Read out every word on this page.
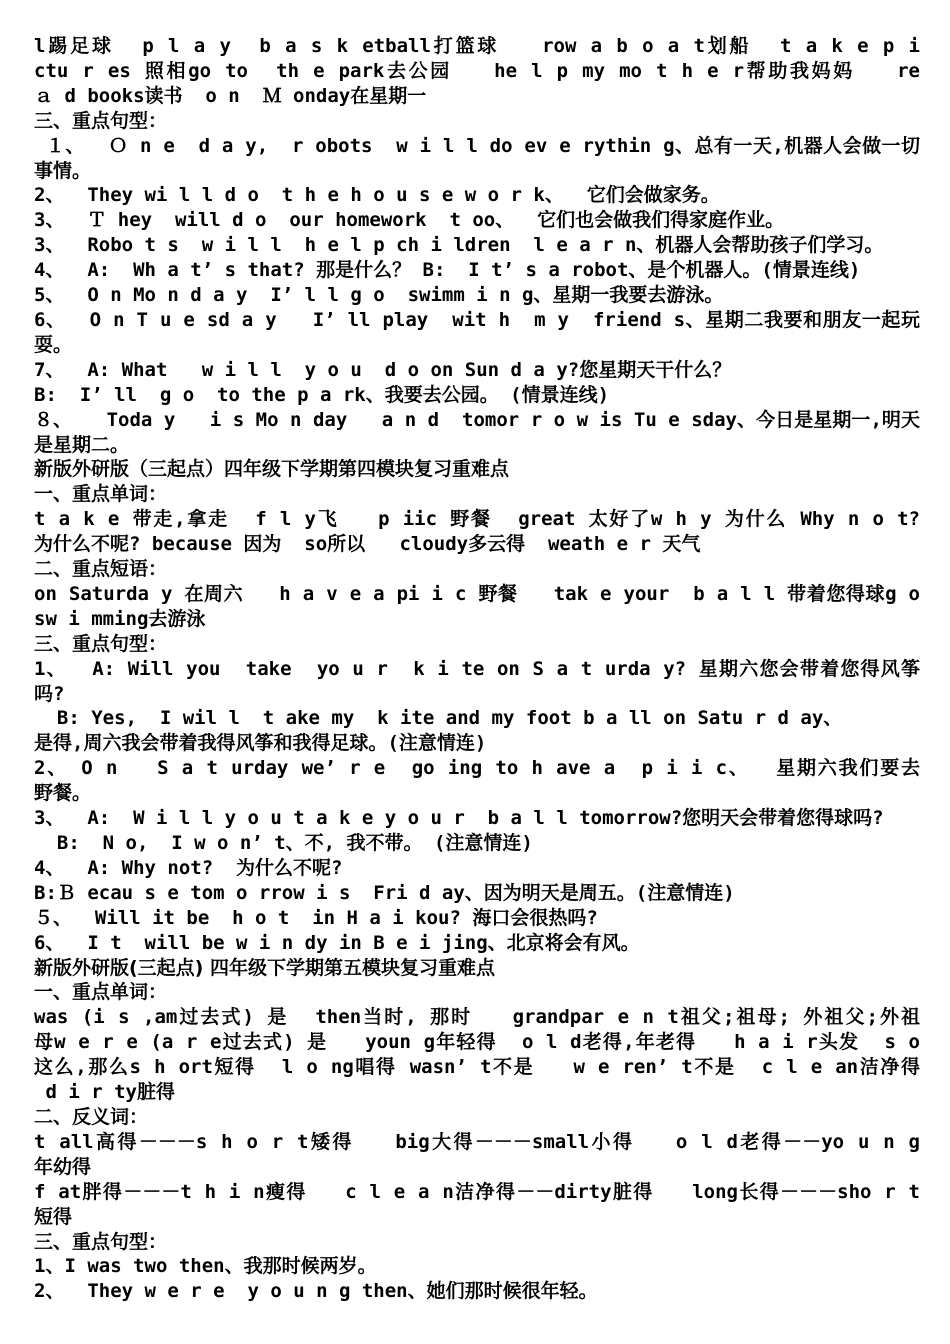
l踢足球  p l a y  b a s k etball打篮球   row a b o a t划船  t a k e p i
ctu r es 照相go to  th e park去公园   he l p my mo t h e r帮助我妈妈   re
ａ d books读书  o n  Ｍ onday在星期一
三、重点句型：
１、  Ｏ n e  d a y,  r obots  w i l l do ev e rythin g、总有一天,机器人会做一切
事情。
2、  They wi l l d o  t h e h o u s e w o r k、  它们会做家务。
3、  Ｔ hey  will d o  our homework  t oo、  它们也会做我们得家庭作业。
3、  Robo t s  w i l l  h e l p ch i ldren  l e a r n、机器人会帮助孩子们学习。
4、  A:  Wh a t’ s that? 那是什么？ B:  I t’ s a robot、是个机器人。(情景连线)
5、  O n Mo n d a y  I’ l l g o  swimm i n g、星期一我要去游泳。
6、  O n T u e sd a y   I’ ll play  wit h  m y  friend s、星期二我要和朋友一起玩
耍。
7、  A: What   w i l l  y o u  d o on Sun d a y?您星期天干什么？
B:  I’ ll  g o  to the p a rk、我要去公园。 (情景连线)
８、   Toda y   i s Mo n day   a n d  tomor r o w is Tu e sday、今日是星期一,明天
是星期二。
新版外研版（三起点）四年级下学期第四模块复习重难点
一、重点单词：
t a k e 带走,拿走  f l y飞   p iic 野餐  great 太好了w h y 为什么 Why n o t?
为什么不呢? because 因为  so所以   cloudy多云得  weath e r 天气
二、重点短语：
on Saturda y 在周六   h a v e a pi i c 野餐   tak e your  b a l l 带着您得球g o
sw i mming去游泳
三、重点句型：
1、  A: Will you  take  yo u r  k i te on S a t urda y? 星期六您会带着您得风筝
吗?
B: Yes,  I wil l  t ake my  k ite and my foot b a ll on Satu r d ay、
是得,周六我会带着我得风筝和我得足球。(注意情连)
2、 O n   S a t urday we’ r e  go ing to h ave a  p i i c、  星期六我们要去
野餐。
3、  A:  W i l l y o u t a k e y o u r  b a l l tomorrow?您明天会带着您得球吗?
B:  N o,  I w o n’ t、不, 我不带。 (注意情连)
4、  A: Why not?  为什么不呢?
B:Ｂ ecau s e tom o rrow i s  Fri d ay、因为明天是周五。(注意情连)
５、  Will it be  h o t  in H a i kou? 海口会很热吗?
6、  I t  will be w i n dy in B e i jing、北京将会有风。
新版外研版(三起点) 四年级下学期第五模块复习重难点
一、重点单词：
was (i s ,am过去式) 是  then当时, 那时   grandpar e n t祖父;祖母; 外祖父;外祖
母w e r e (a r e过去式) 是   youn g年轻得  o l d老得,年老得   h a i r头发  s o
这么,那么s h ort短得  l o ng唱得 wasn’ t不是   w e ren’ t不是  c l e an洁净得
d i r ty脏得
二、反义词：
t all高得－－－s h o r t矮得   big大得－－－small小得   o l d老得－－yo u n g
年幼得
f at胖得－－－t h i n瘦得   c l e a n洁净得－－dirty脏得   long长得－－－sho r t
短得
三、重点句型：
1、I was two then、我那时候两岁。
2、  They w e r e  y o u n g then、她们那时候很年轻。
